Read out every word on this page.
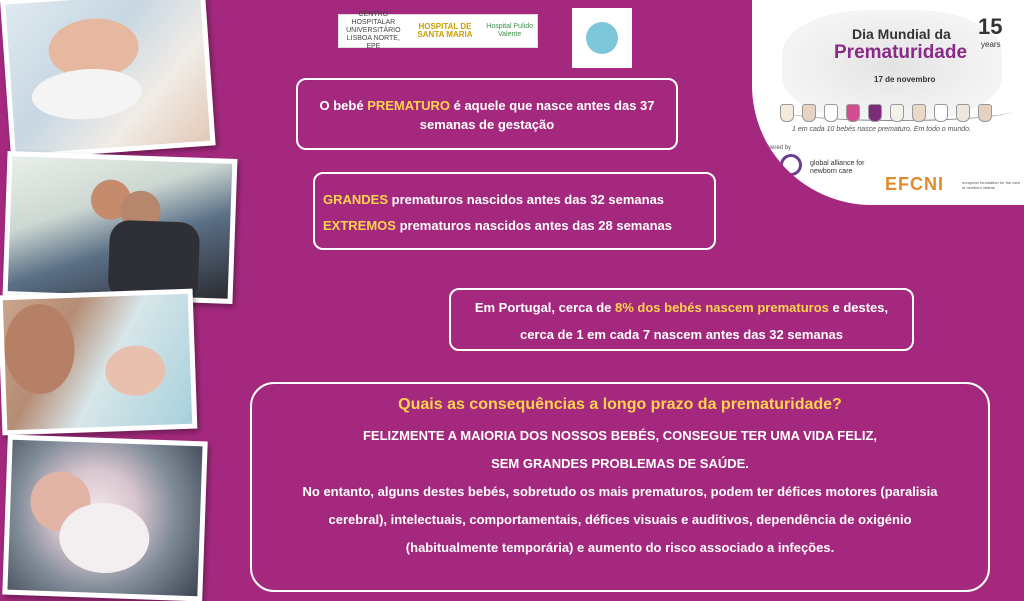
CENTRO HOSPITALAR UNIVERSITÁRIO LISBOA NORTE, EPE
HOSPITAL DE SANTA MARIA
Hospital Pulido Valente	Dia Mundial da
Prematuridade
17 de novembro
15
years
1 em cada 10 bebés nasce prematuro. Em todo o mundo.
powered by
global alliance for newborn care
EFCNI	european foundation for the care of newborn infants
O bebé PREMATURO é aquele que nasce antes das 37
semanas de gestação
GRANDES prematuros nascidos antes das 32 semanas
EXTREMOS prematuros nascidos antes das 28 semanas
Em Portugal, cerca de 8% dos bebés nascem prematuros e destes,
cerca de 1 em cada 7 nascem antes das 32 semanas
Quais as consequências a longo prazo da prematuridade?
FELIZMENTE A MAIORIA DOS NOSSOS BEBÉS, CONSEGUE TER UMA VIDA FELIZ,
SEM GRANDES PROBLEMAS DE SAÚDE.
No entanto, alguns destes bebés, sobretudo os mais prematuros, podem ter défices motores (paralisia
cerebral), intelectuais, comportamentais, défices visuais e auditivos, dependência de oxigénio
(habitualmente temporária) e aumento do risco associado a infeções.
